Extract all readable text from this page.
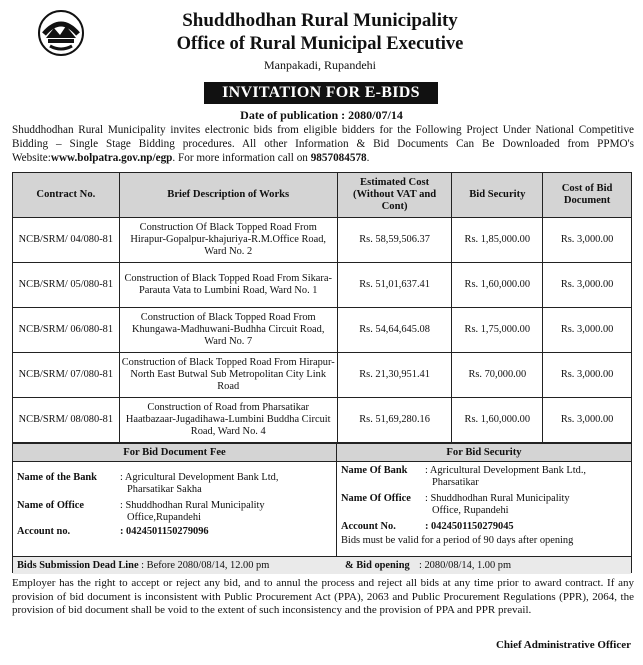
Shuddhodhan Rural Municipality
Office of Rural Municipal Executive
Manpakadi, Rupandehi
INVITATION FOR E-BIDS
Date of publication : 2080/07/14
Shuddhodhan Rural Municipality invites electronic bids from eligible bidders for the Following Project Under National Competitive Bidding – Single Stage Bidding procedures. All other Information & Bid Documents Can Be Downloaded from PPMO's Website:www.bolpatra.gov.np/egp. For more information call on 9857084578.
Contract No.	Brief Description of Works	Estimated Cost (Without VAT and Cont)	Bid Security	Cost of Bid Document
NCB/SRM/ 04/080-81	Construction Of Black Topped Road From Hirapur-Gopalpur-khajuriya-R.M.Office Road, Ward No. 2	Rs. 58,59,506.37	Rs. 1,85,000.00	Rs. 3,000.00
NCB/SRM/ 05/080-81	Construction of Black Topped Road From Sikara-Parauta Vata to Lumbini Road, Ward No. 1	Rs. 51,01,637.41	Rs. 1,60,000.00	Rs. 3,000.00
NCB/SRM/ 06/080-81	Construction of Black Topped Road From Khungawa-Madhuwani-Budhha Circuit Road, Ward No. 7	Rs. 54,64,645.08	Rs. 1,75,000.00	Rs. 3,000.00
NCB/SRM/ 07/080-81	Construction of Black Topped Road From Hirapur-North East Butwal Sub Metropolitan City Link Road	Rs. 21,30,951.41	Rs. 70,000.00	Rs. 3,000.00
NCB/SRM/ 08/080-81	Construction of Road from Pharsatikar Haatbazaar-Jugadihawa-Lumbini Buddha Circuit Road, Ward No. 4	Rs. 51,69,280.16	Rs. 1,60,000.00	Rs. 3,000.00
For Bid Document Fee
Name of the Bank : Agricultural Development Bank Ltd,
Pharsatikar Sakha
Name of Office	: Shuddhodhan Rural Municipality
Office,Rupandehi
Account no.	: 0424501150279096
For Bid Security
Name Of Bank : Agricultural Development Bank Ltd.,
Pharsatikar
Name Of Office : Shuddhodhan Rural Municipality
Office, Rupandehi
Account No.	: 0424501150279045
Bids must be valid for a period of 90 days after opening
Bids Submission Dead Line : Before 2080/08/14, 12.00 pm	& Bid opening : 2080/08/14, 1.00 pm
Employer has the right to accept or reject any bid, and to annul the process and reject all bids at any time prior to award contract. If any provision of bid document is inconsistent with Public Procurement Act (PPA), 2063 and Public Procurement Regulations (PPR), 2064, the provision of bid document shall be void to the extent of such inconsistency and the provision of PPA and PPR prevail.
Chief Administrative Officer
